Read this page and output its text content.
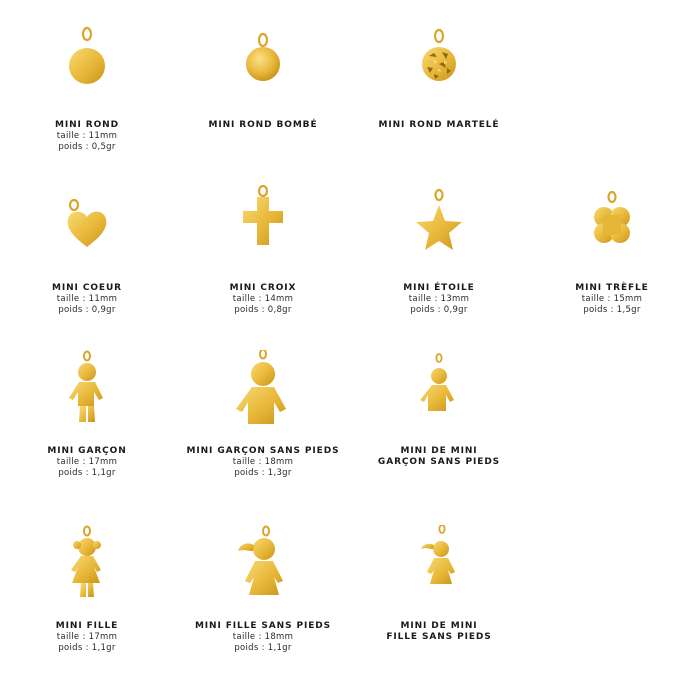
MINI ROND
taille : 11mm
poids : 0,5gr
MINI ROND BOMBÉ	MINI ROND MARTELÉ
MINI COEUR
taille : 11mm
poids : 0,9gr
MINI CROIX
taille : 14mm
poids : 0,8gr
MINI ÉTOILE
taille : 13mm
poids : 0,9gr
MINI TRÈFLE
taille : 15mm
poids : 1,5gr
MINI GARÇON
taille : 17mm
poids : 1,1gr
MINI GARÇON SANS PIEDS
taille : 18mm
poids : 1,3gr
MINI DE MINI
GARÇON SANS PIEDS
MINI FILLE
taille : 17mm
poids : 1,1gr
MINI FILLE SANS PIEDS
taille : 18mm
poids : 1,1gr
MINI DE MINI
FILLE SANS PIEDS
